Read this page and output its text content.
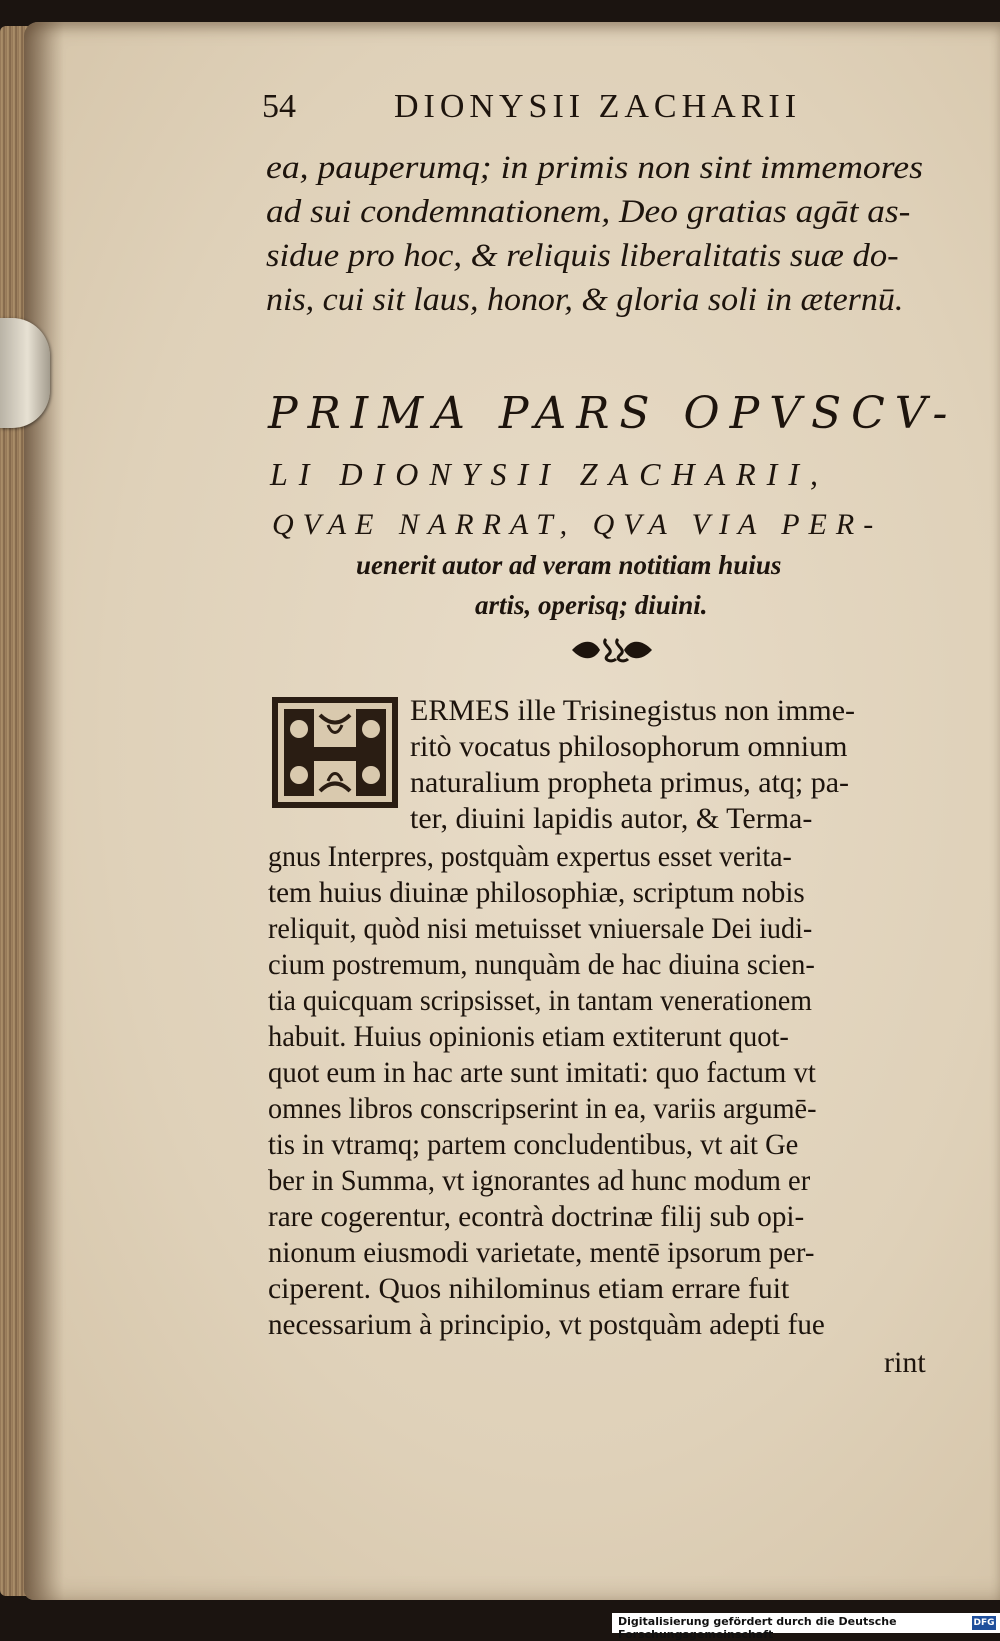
54	DIONYSII ZACHARII
ea, pauperumq; in primis non sint immemores
ad sui condemnationem, Deo gratias agāt as-
sidue pro hoc, & reliquis liberalitatis suæ do-
nis, cui sit laus, honor, & gloria soli in æternū.
PRIMA PARS OPVSCV-
LI DIONYSII ZACHARII,
QVAE NARRAT, QVA VIA PER-
uenerit autor ad veram notitiam huius
artis, operisq; diuini.
ERMES ille Trisinegistus non imme-
ritò vocatus philosophorum omnium
naturalium propheta primus, atq; pa-
ter, diuini lapidis autor, & Terma-
gnus Interpres, postquàm expertus esset verita-
tem huius diuinæ philosophiæ, scriptum nobis
reliquit, quòd nisi metuisset vniuersale Dei iudi-
cium postremum, nunquàm de hac diuina scien-
tia quicquam scripsisset, in tantam venerationem
habuit. Huius opinionis etiam extiterunt quot-
quot eum in hac arte sunt imitati: quo factum vt
omnes libros conscripserint in ea, variis argumē-
tis in vtramq; partem concludentibus, vt ait Ge
ber in Summa, vt ignorantes ad hunc modum er
rare cogerentur, econtrà doctrinæ filij sub opi-
nionum eiusmodi varietate, mentē ipsorum per-
ciperent. Quos nihilominus etiam errare fuit
necessarium à principio, vt postquàm adepti fue
rint
Digitalisierung gefördert durch die Deutsche Forschungsgemeinschaft
DFG
